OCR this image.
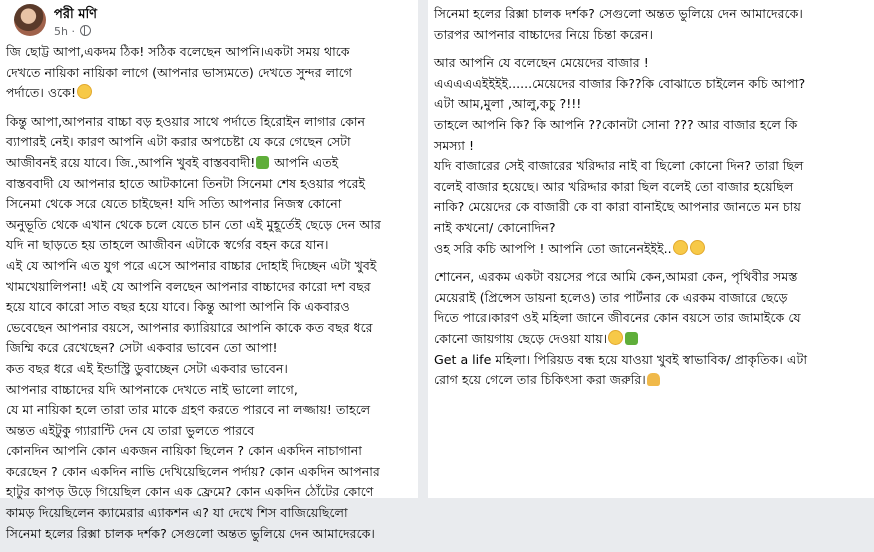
পরী মণি
5h ·

জি ছোট্ট আপা,একদম ঠিক! সঠিক বলেছেন আপনি।একটা সময় থাকে
দেখতে নায়িকা নায়িকা লাগে (আপনার ভাস্যমতে) দেখতে সুন্দর লাগে
পর্দাতে। ওকে!

কিন্তু আপা,আপনার বাচ্চা বড় হওয়ার সাথে পর্দাতে হিরোইন লাগার কোন
ব্যাপারই নেই। কারণ আপনি এটা করার অপচেষ্টা যে করে গেছেন সেটা
আজীবনই রয়ে যাবে। জি.,আপনি খুবই বাস্তববাদী! আপনি এতই
বাস্তববাদী যে আপনার হাতে আটকানো তিনটা সিনেমা শেষ হওয়ার পরেই
সিনেমা থেকে সরে যেতে চাইছেন! যদি সত্যি আপনার নিজস্ব কোনো
অনুভূতি থেকে এখান থেকে চলে যেতে চান তো এই মুহূর্তেই ছেড়ে দেন আর
যদি না ছাড়তে হয় তাহলে আজীবন এটাকে স্বর্গের বহন করে যান।
এই যে আপনি এত যুগ পরে এসে আপনার বাচ্চার দোহাই দিচ্ছেন এটা খুবই
খামখেয়ালিপনা! এই যে আপনি বলছেন আপনার বাচ্চাদের কারো দশ বছর
হয়ে যাবে কারো সাত বছর হয়ে যাবে। কিন্তু আপা আপনি কি একবারও
ভেবেছেন আপনার বয়সে, আপনার ক্যারিয়ারে আপনি কাকে কত বছর ধরে
জিম্মি করে রেখেছেন? সেটা একবার ভাবেন তো আপা!
কত বছর ধরে এই ইন্ডাস্ট্রি ডুবাচ্ছেন সেটা একবার ভাবেন।
আপনার বাচ্চাদের যদি আপনাকে দেখতে নাই ভালো লাগে,
যে মা নায়িকা হলে তারা তার মাকে গ্রহণ করতে পারবে না লজ্জায়! তাহলে
অন্তত এইটুকু গ্যারান্টি দেন যে তারা ভুলতে পারবে
কোনদিন আপনি কোন একজন নায়িকা ছিলেন ? কোন একদিন নাচাগানা
করেছেন ? কোন একদিন নাভি দেখিয়েছিলেন পর্দায়? কোন একদিন আপনার
হাটুর কাপড় উড়ে গিয়েছিল কোন এক ফ্রেমে? কোন একদিন ঠোঁটের কোণে
কামড় দিয়েছিলেন ক্যামেরার এ্যাকশন এ? যা দেখে শিস বাজিয়েছিলো
সিনেমা হলের রিক্সা চালক দর্শক? সেগুলো অন্তত ভুলিয়ে দেন আমাদেরকে।

সিনেমা হলের রিক্সা চালক দর্শক? সেগুলো অন্তত ভুলিয়ে দেন আমাদেরকে।
তারপর আপনার বাচ্চাদের নিয়ে চিন্তা করেন।

আর আপনি যে বলেছেন মেয়েদের বাজার !
এএএএএইইইই......মেয়েদের বাজার কি??কি বোঝাতে চাইলেন কচি আপা?
এটা আম,মুলা ,আলু,কচু ?!!!
তাহলে আপনি কি? কি আপনি ??কোনটা সোনা ??? আর বাজার হলে কি
সমস্যা !
যদি বাজারের সেই বাজারের খরিদ্দার নাই বা ছিলো কোনো দিন? তারা ছিল
বলেই বাজার হয়েছে। আর খরিদ্দার কারা ছিল বলেই তো বাজার হয়েছিল
নাকি? মেয়েদের কে বাজারী কে বা কারা বানাইছে আপনার জানতে মন চায়
নাই কখনো/ কোনোদিন?
ওহ সরি কচি আপপি ! আপনি তো জানেনইইই..

শোনেন, এরকম একটা বয়সের পরে আমি কেন,আমরা কেন, পৃথিবীর সমস্ত
মেয়েরাই (প্রিন্সেস ডায়না হলেও) তার পার্টনার কে এরকম বাজারে ছেড়ে
দিতে পারে।কারণ ওই মহিলা জানে জীবনের কোন বয়সে তার জামাইকে যে
কোনো জায়গায় ছেড়ে দেওয়া যায়।
Get a life মহিলা। পিরিয়ড বন্ধ হয়ে যাওয়া খুবই স্বাভাবিক/ প্রাকৃতিক। এটা
রোগ হয়ে গেলে তার চিকিৎসা করা জরুরি।
